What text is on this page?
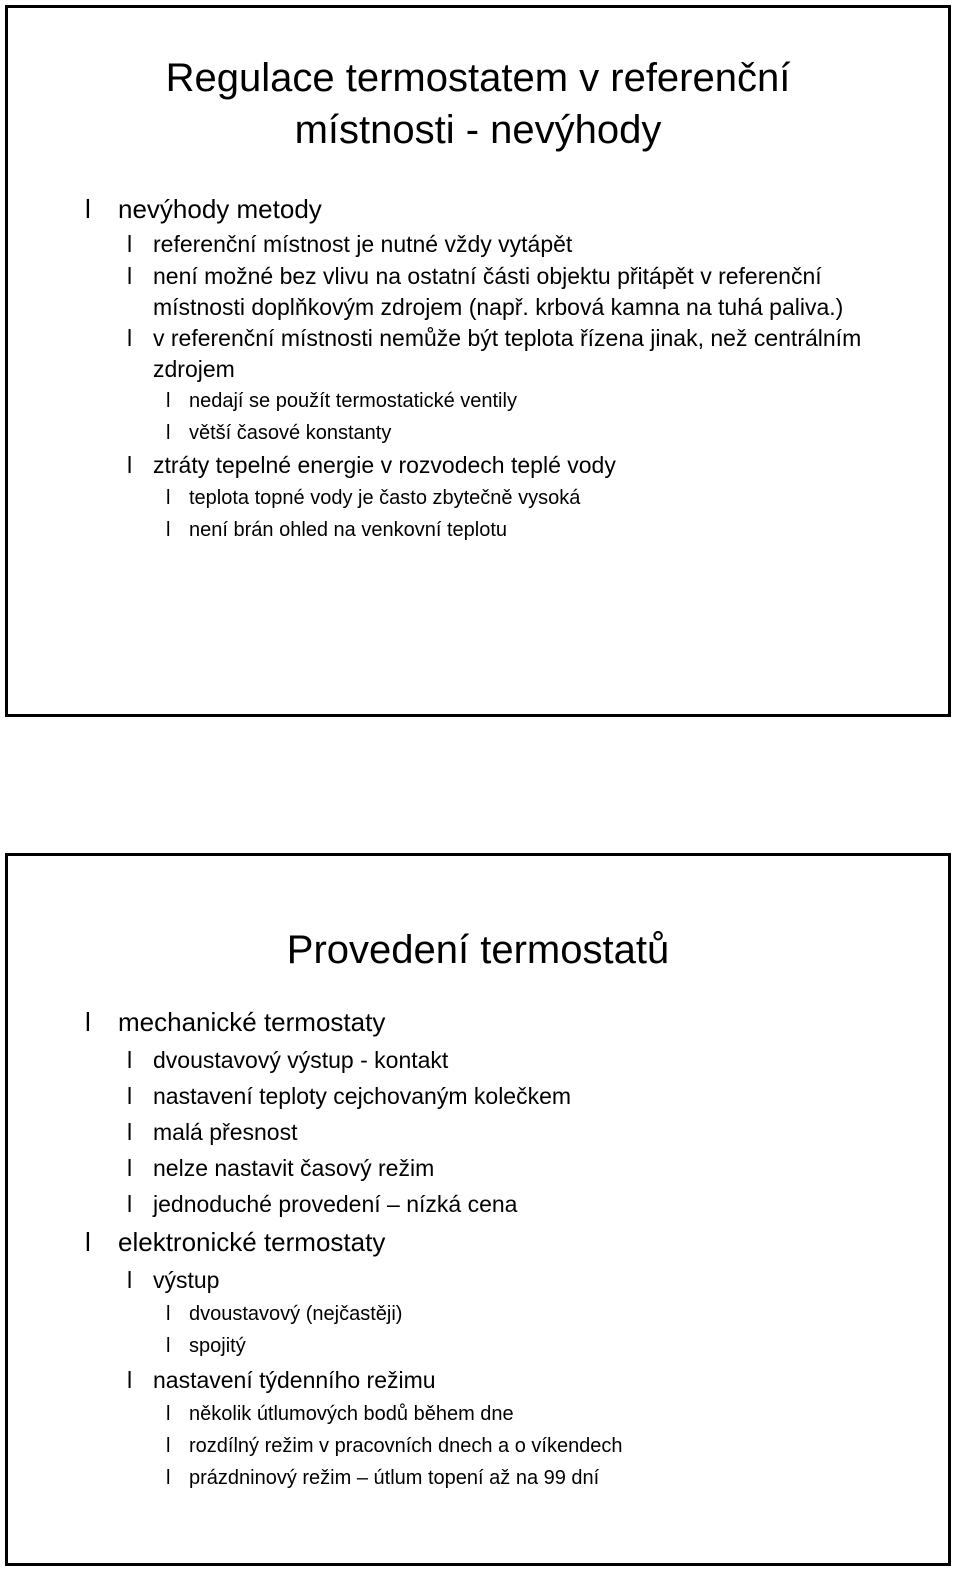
Regulace termostatem v referenční
místnosti - nevýhody
l nevýhody metody
l referenční místnost je nutné vždy vytápět
l není možné bez vlivu na ostatní části objektu přitápět v referenční místnosti doplňkovým zdrojem (např. krbová kamna na tuhá paliva.)
l v referenční místnosti nemůže být teplota řízena jinak, než centrálním zdrojem
l nedají se použít termostatické ventily
l větší časové konstanty
l ztráty tepelné energie v rozvodech teplé vody
l teplota topné vody je často zbytečně vysoká
l není brán ohled na venkovní teplotu
Provedení termostatů
l mechanické termostaty
l dvoustavový výstup - kontakt
l nastavení teploty cejchovaným kolečkem
l malá přesnost
l nelze nastavit časový režim
l jednoduché provedení – nízká cena
l elektronické termostaty
l výstup
l dvoustavový (nejčastěji)
l spojitý
l nastavení týdenního režimu
l několik útlumových bodů během dne
l rozdílný režim v pracovních dnech a o víkendech
l prázdninový režim – útlum topení až na 99 dní
